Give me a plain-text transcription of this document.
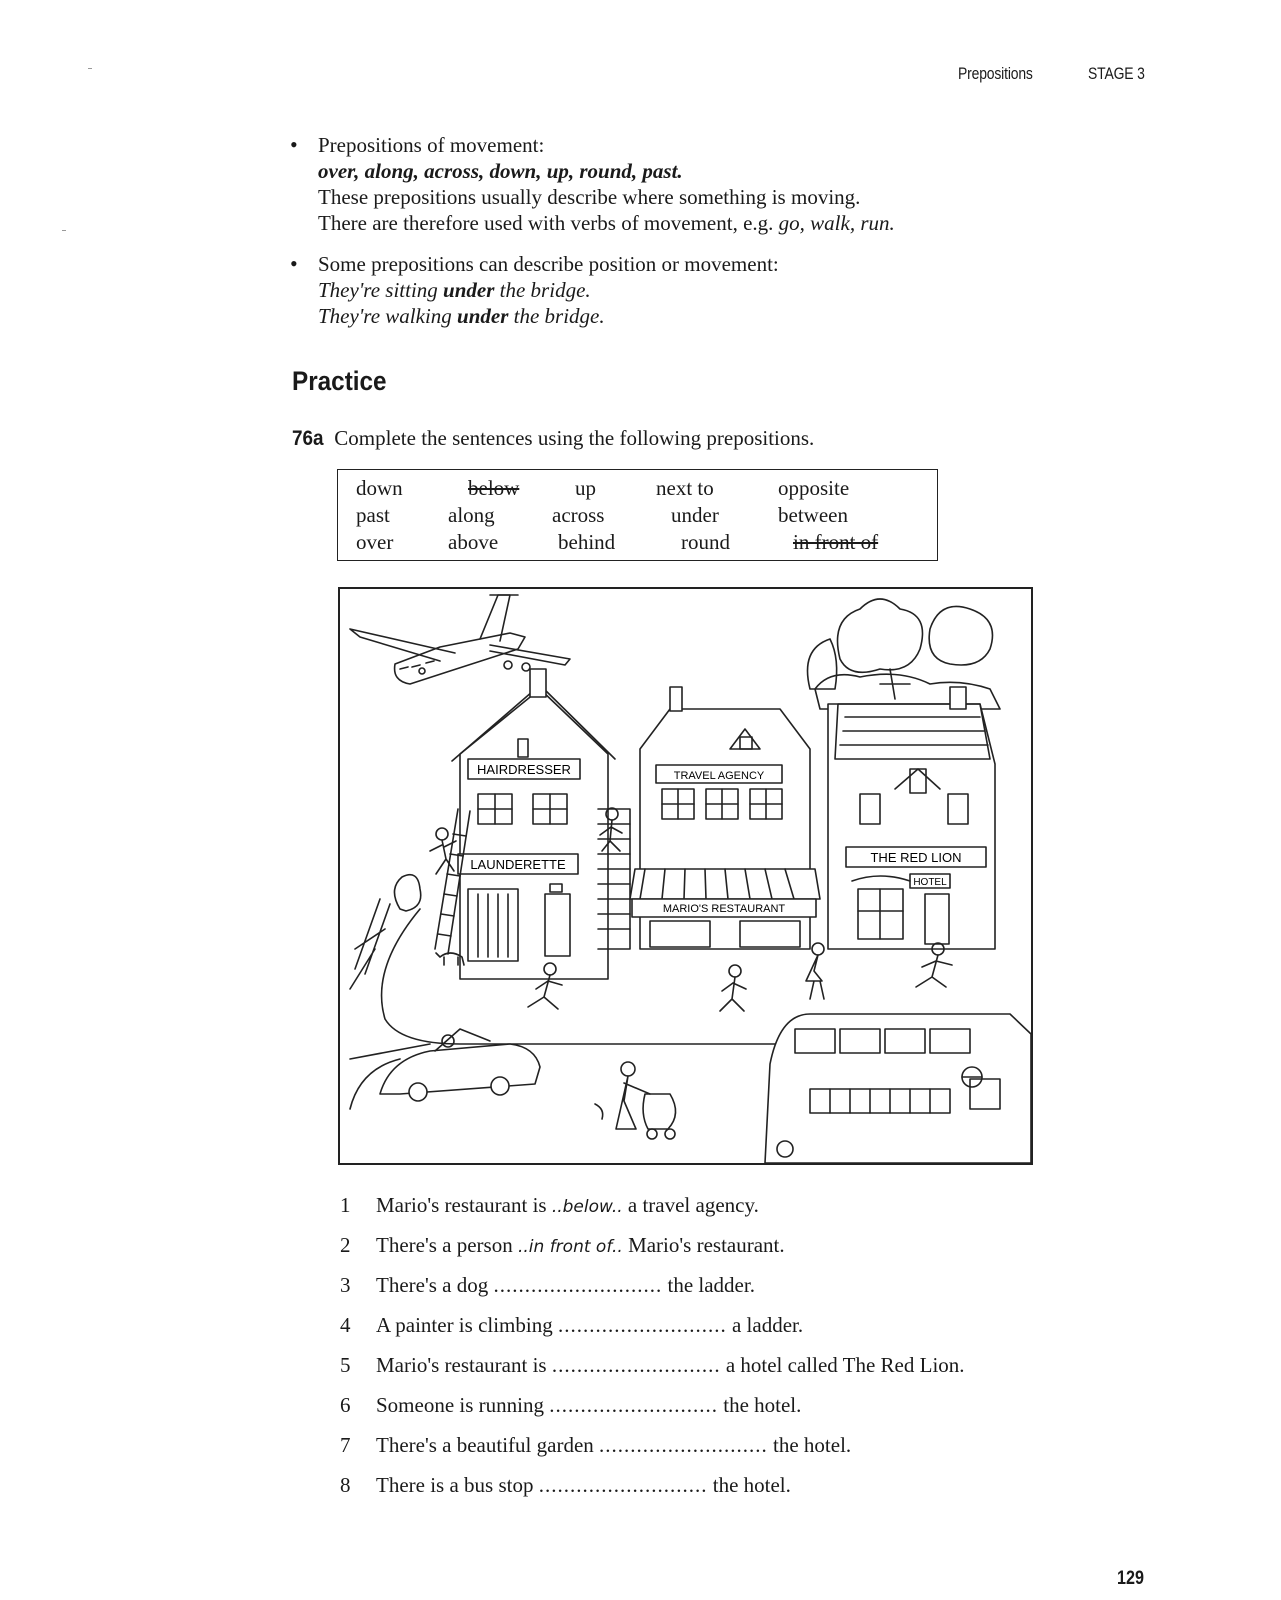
Prepositions	STAGE 3
• Prepositions of movement:
over, along, across, down, up, round, past.
These prepositions usually describe where something is moving.
There are therefore used with verbs of movement, e.g. go, walk, run.
• Some prepositions can describe position or movement:
They're sitting under the bridge.
They're walking under the bridge.
Practice
76a Complete the sentences using the following prepositions.
down	below	up	next to	opposite
past	along	across	under	between
over	above	behind	round	in front of
HAIRDRESSER
LAUNDERETTE
TRAVEL AGENCY
MARIO'S RESTAURANT
THE RED LION
HOTEL
1	Mario's restaurant is ..below.. a travel agency.
2	There's a person ..in front of.. Mario's restaurant.
3	There's a dog ........................... the ladder.
4	A painter is climbing ........................... a ladder.
5	Mario's restaurant is ........................... a hotel called The Red Lion.
6	Someone is running ........................... the hotel.
7	There's a beautiful garden ........................... the hotel.
8	There is a bus stop ........................... the hotel.
129
